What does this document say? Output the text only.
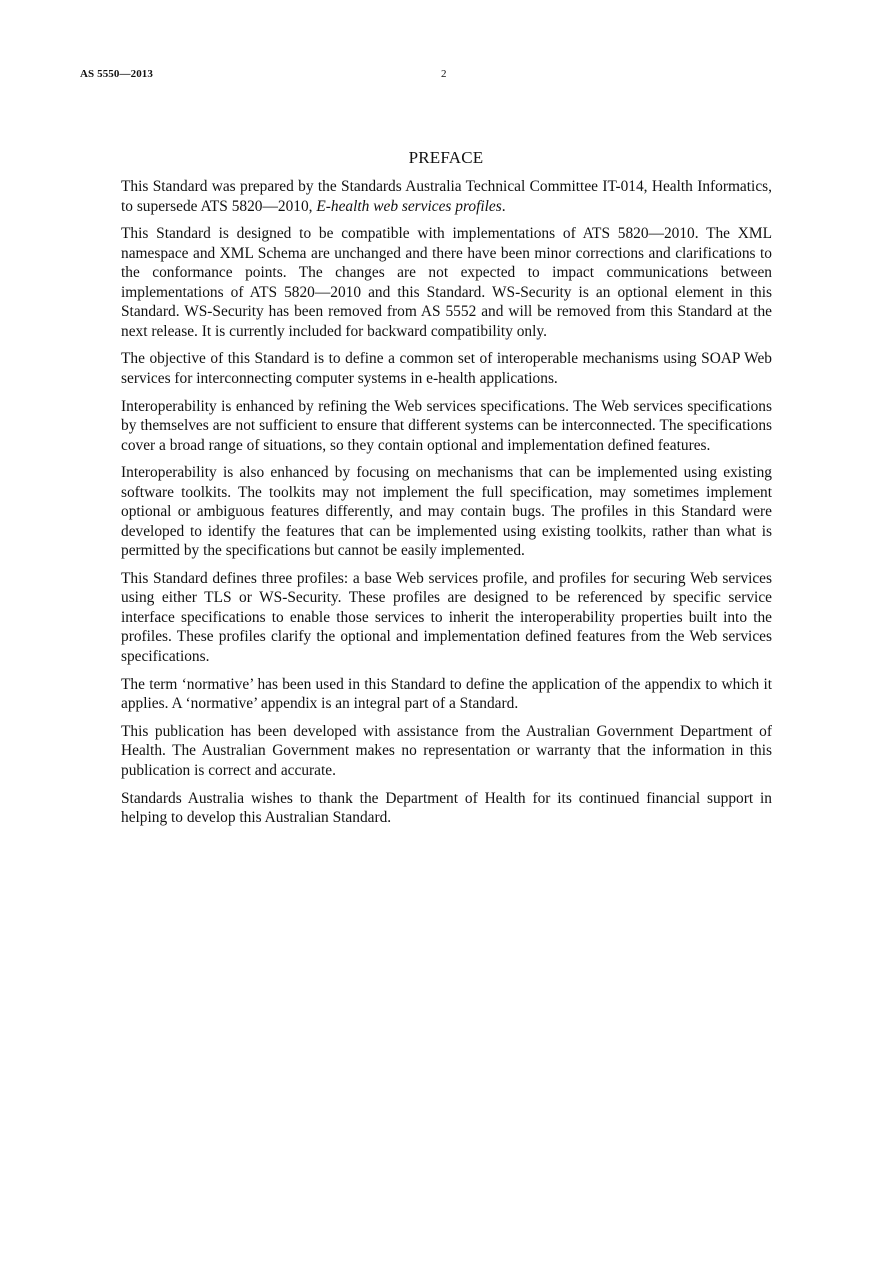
AS 5550—2013	2
PREFACE

This Standard was prepared by the Standards Australia Technical Committee IT-014, Health Informatics, to supersede ATS 5820—2010, E-health web services profiles.

This Standard is designed to be compatible with implementations of ATS 5820—2010. The XML namespace and XML Schema are unchanged and there have been minor corrections and clarifications to the conformance points. The changes are not expected to impact communications between implementations of ATS 5820—2010 and this Standard. WS-Security is an optional element in this Standard. WS-Security has been removed from AS 5552 and will be removed from this Standard at the next release. It is currently included for backward compatibility only.

The objective of this Standard is to define a common set of interoperable mechanisms using SOAP Web services for interconnecting computer systems in e-health applications.

Interoperability is enhanced by refining the Web services specifications. The Web services specifications by themselves are not sufficient to ensure that different systems can be interconnected. The specifications cover a broad range of situations, so they contain optional and implementation defined features.

Interoperability is also enhanced by focusing on mechanisms that can be implemented using existing software toolkits. The toolkits may not implement the full specification, may sometimes implement optional or ambiguous features differently, and may contain bugs. The profiles in this Standard were developed to identify the features that can be implemented using existing toolkits, rather than what is permitted by the specifications but cannot be easily implemented.

This Standard defines three profiles: a base Web services profile, and profiles for securing Web services using either TLS or WS-Security. These profiles are designed to be referenced by specific service interface specifications to enable those services to inherit the interoperability properties built into the profiles. These profiles clarify the optional and implementation defined features from the Web services specifications.

The term ‘normative’ has been used in this Standard to define the application of the appendix to which it applies. A ‘normative’ appendix is an integral part of a Standard.

This publication has been developed with assistance from the Australian Government Department of Health. The Australian Government makes no representation or warranty that the information in this publication is correct and accurate.

Standards Australia wishes to thank the Department of Health for its continued financial support in helping to develop this Australian Standard.
